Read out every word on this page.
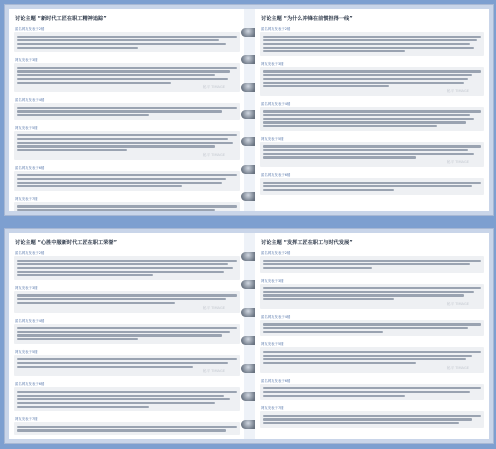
讨论主题 “新时代工匠在职工精神追踪”
匿名网友发表于2楼
网友发表于3楼
秘平 TIMAGE
匿名网友发表于4楼
网友发表于5楼
秘平 TIMAGE
匿名网友发表于6楼
网友发表于7楼
讨论主题 “为什么冲锋在前惯担得一线”
匿名网友发表于2楼
网友发表于3楼
秘平 TIMAGE
匿名网友发表于4楼
网友发表于5楼
秘平 TIMAGE
匿名网友发表于6楼
讨论主题 “心胜中服新时代工匠在职工荣誉”
匿名网友发表于2楼
网友发表于3楼
秘平 TIMAGE
匿名网友发表于4楼
网友发表于5楼
秘平 TIMAGE
匿名网友发表于6楼
网友发表于7楼
讨论主题 “发挥工匠在职工与时代发展”
匿名网友发表于2楼
网友发表于3楼
秘平 TIMAGE
匿名网友发表于4楼
网友发表于5楼
秘平 TIMAGE
匿名网友发表于6楼
网友发表于7楼
